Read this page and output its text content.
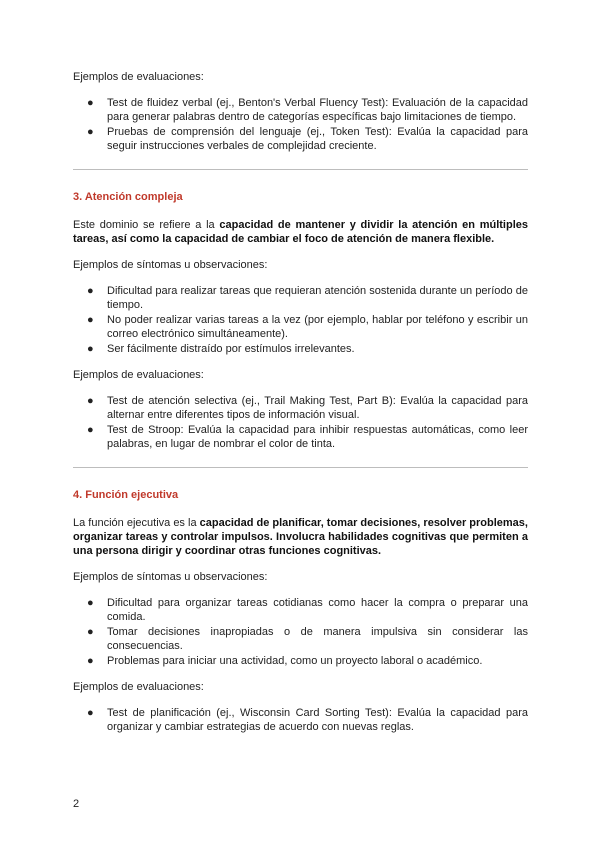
Ejemplos de evaluaciones:

● Test de fluidez verbal (ej., Benton's Verbal Fluency Test): Evaluación de la capacidad para generar palabras dentro de categorías específicas bajo limitaciones de tiempo.
● Pruebas de comprensión del lenguaje (ej., Token Test): Evalúa la capacidad para seguir instrucciones verbales de complejidad creciente.
3. Atención compleja

Este dominio se refiere a la capacidad de mantener y dividir la atención en múltiples tareas, así como la capacidad de cambiar el foco de atención de manera flexible.

Ejemplos de síntomas u observaciones:

● Dificultad para realizar tareas que requieran atención sostenida durante un período de tiempo.
● No poder realizar varias tareas a la vez (por ejemplo, hablar por teléfono y escribir un correo electrónico simultáneamente).
● Ser fácilmente distraído por estímulos irrelevantes.

Ejemplos de evaluaciones:

● Test de atención selectiva (ej., Trail Making Test, Part B): Evalúa la capacidad para alternar entre diferentes tipos de información visual.
● Test de Stroop: Evalúa la capacidad para inhibir respuestas automáticas, como leer palabras, en lugar de nombrar el color de tinta.
4. Función ejecutiva

La función ejecutiva es la capacidad de planificar, tomar decisiones, resolver problemas, organizar tareas y controlar impulsos. Involucra habilidades cognitivas que permiten a una persona dirigir y coordinar otras funciones cognitivas.

Ejemplos de síntomas u observaciones:

● Dificultad para organizar tareas cotidianas como hacer la compra o preparar una comida.
● Tomar decisiones inapropiadas o de manera impulsiva sin considerar las consecuencias.
● Problemas para iniciar una actividad, como un proyecto laboral o académico.

Ejemplos de evaluaciones:

● Test de planificación (ej., Wisconsin Card Sorting Test): Evalúa la capacidad para organizar y cambiar estrategias de acuerdo con nuevas reglas.
2
